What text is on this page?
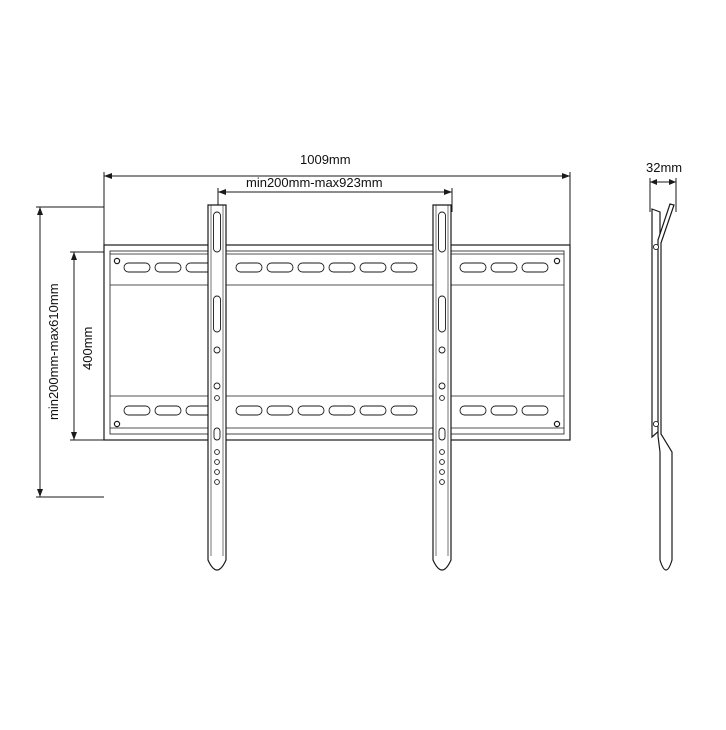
1009mm
min200mm-max923mm
min200mm-max610mm 400mm
32mm
